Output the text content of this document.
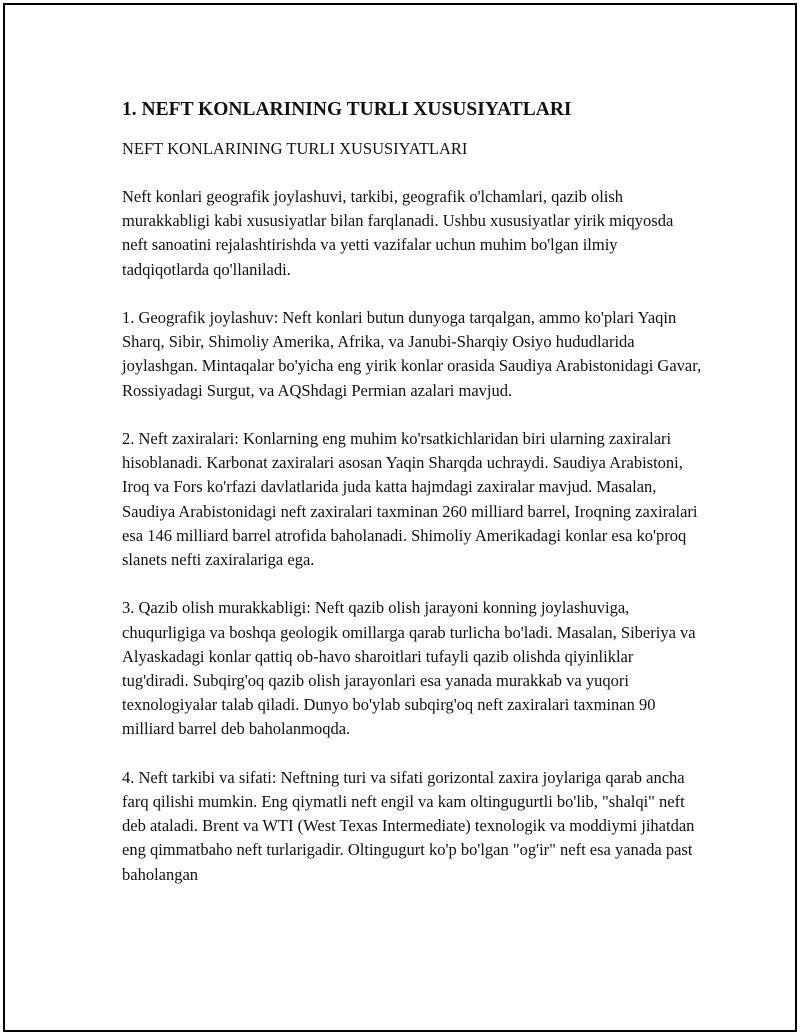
1. NEFT KONLARINING TURLI XUSUSIYATLARI
NEFT KONLARINING TURLI XUSUSIYATLARI

Neft konlari geografik joylashuvi, tarkibi, geografik o'lchamlari, qazib olish murakkabligi kabi xususiyatlar bilan farqlanadi. Ushbu xususiyatlar yirik miqyosda neft sanoatini rejalashtirishda va yetti vazifalar uchun muhim bo'lgan ilmiy tadqiqotlarda qo'llaniladi.

1. Geografik joylashuv: Neft konlari butun dunyoga tarqalgan, ammo ko'plari Yaqin Sharq, Sibir, Shimoliy Amerika, Afrika, va Janubi-Sharqiy Osiyo hududlarida joylashgan. Mintaqalar bo'yicha eng yirik konlar orasida Saudiya Arabistonidagi Gavar, Rossiyadagi Surgut, va AQShdagi Permian azalari mavjud.

2. Neft zaxiralari: Konlarning eng muhim ko'rsatkichlaridan biri ularning zaxiralari hisoblanadi. Karbonat zaxiralari asosan Yaqin Sharqda uchraydi. Saudiya Arabistoni, Iroq va Fors ko'rfazi davlatlarida juda katta hajmdagi zaxiralar mavjud. Masalan, Saudiya Arabistonidagi neft zaxiralari taxminan 260 milliard barrel, Iroqning zaxiralari esa 146 milliard barrel atrofida baholanadi. Shimoliy Amerikadagi konlar esa ko'proq slanets nefti zaxiralariga ega.

3. Qazib olish murakkabligi: Neft qazib olish jarayoni konning joylashuviga, chuqurligiga va boshqa geologik omillarga qarab turlicha bo'ladi. Masalan, Siberiya va Alyaskadagi konlar qattiq ob-havo sharoitlari tufayli qazib olishda qiyinliklar tug'diradi. Subqirg'oq qazib olish jarayonlari esa yanada murakkab va yuqori texnologiyalar talab qiladi. Dunyo bo'ylab subqirg'oq neft zaxiralari taxminan 90 milliard barrel deb baholanmoqda.

4. Neft tarkibi va sifati: Neftning turi va sifati gorizontal zaxira joylariga qarab ancha farq qilishi mumkin. Eng qiymatli neft engil va kam oltingugurtli bo'lib, "shalqi" neft deb ataladi. Brent va WTI (West Texas Intermediate) texnologik va moddiymi jihatdan eng qimmatbaho neft turlarigadir. Oltingugurt ko'p bo'lgan "og'ir" neft esa yanada past baholangan
